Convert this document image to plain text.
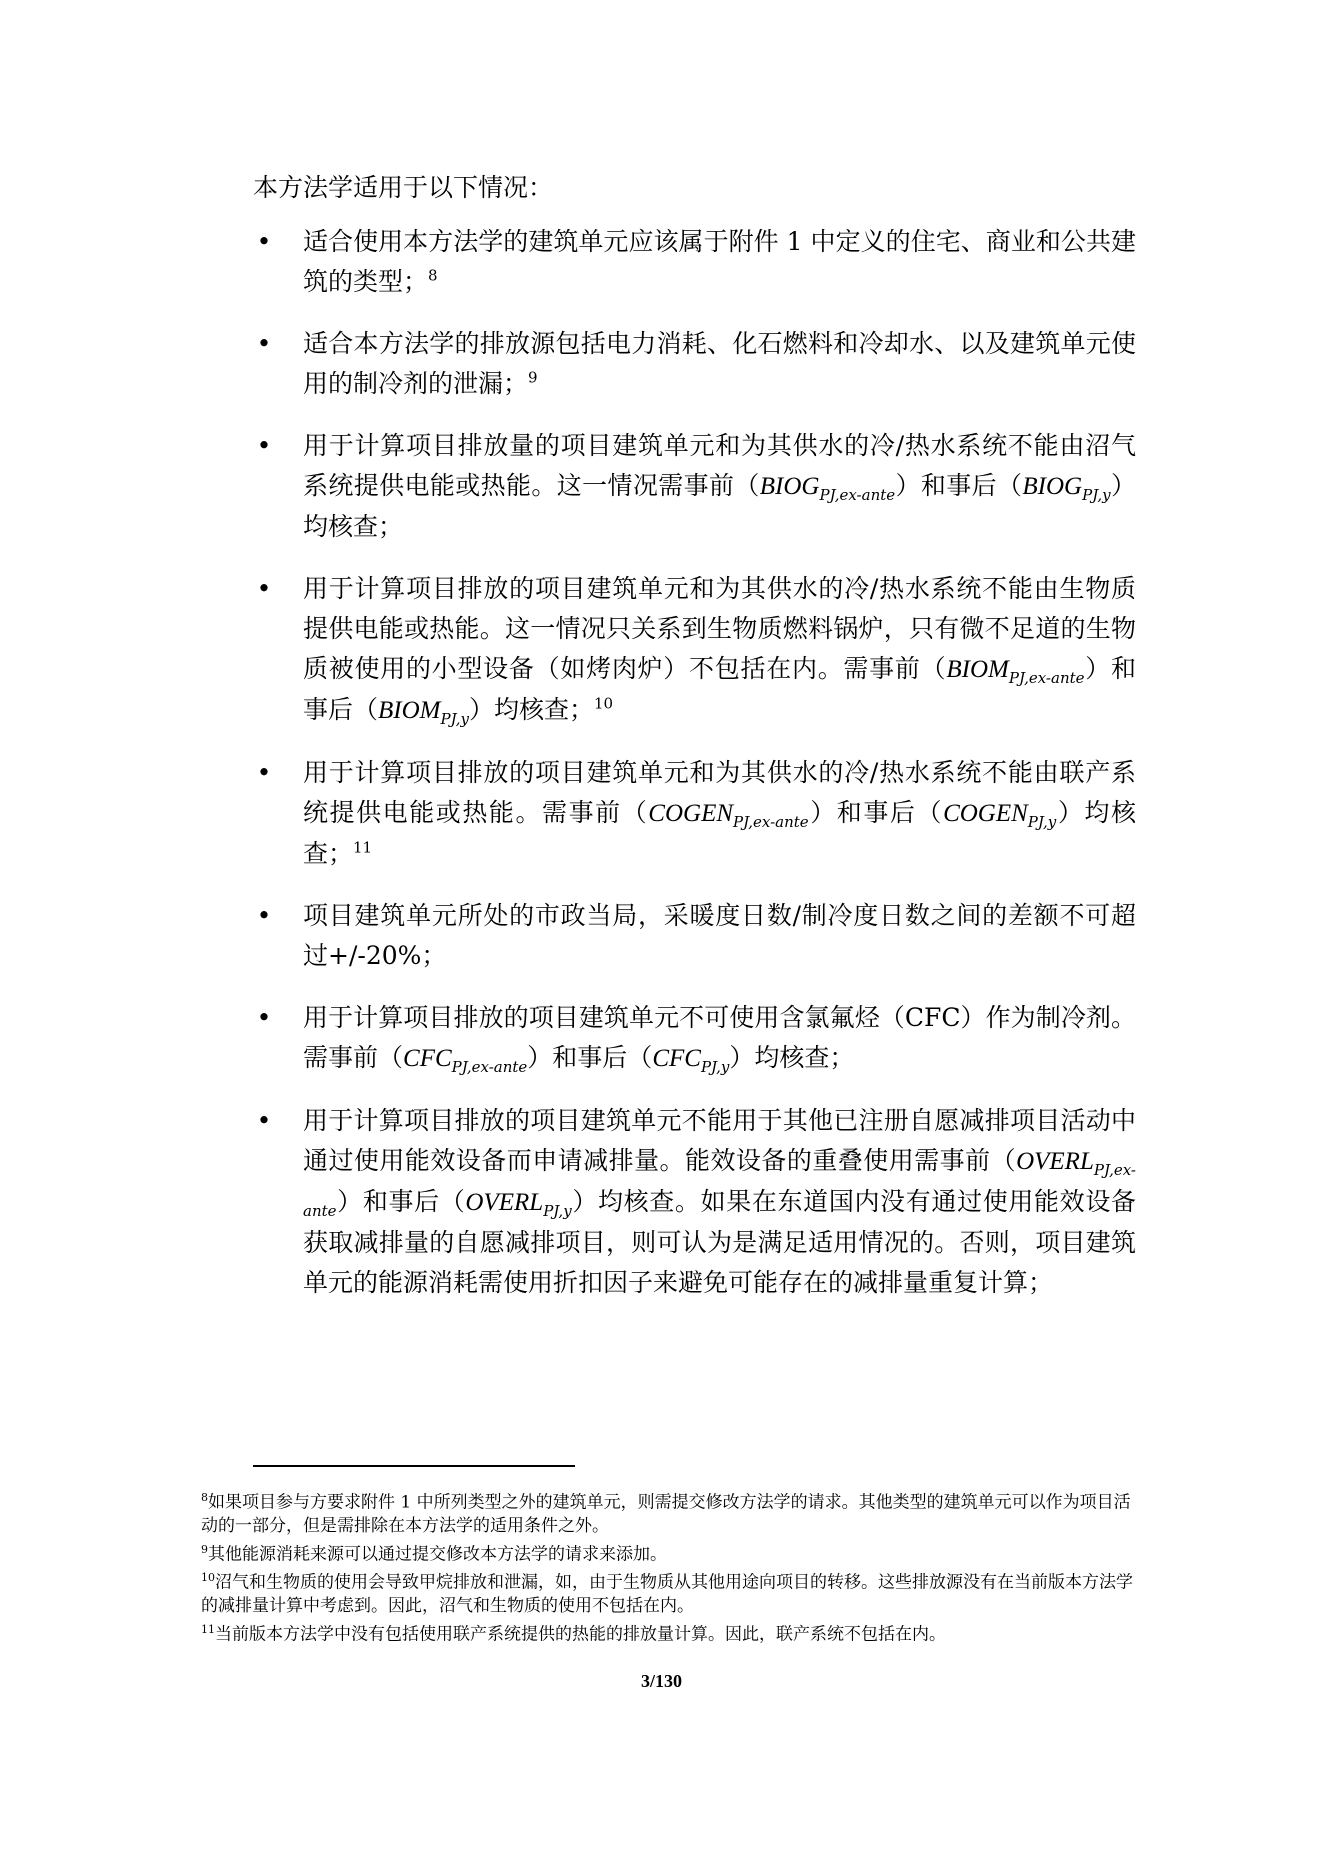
本方法学适用于以下情况：

• 适合使用本方法学的建筑单元应该属于附件 1 中定义的住宅、商业和公共建筑的类型；$^8$
• 适合本方法学的排放源包括电力消耗、化石燃料和冷却水、以及建筑单元使用的制冷剂的泄漏；$^9$
• 用于计算项目排放量的项目建筑单元和为其供水的冷/热水系统不能由沼气系统提供电能或热能。这一情况需事前$(BIOG_{PJ,ex-ante})$和事后$(BIOG_{PJ,y})$均核查；
• 用于计算项目排放的项目建筑单元和为其供水的冷/热水系统不能由生物质提供电能或热能。这一情况只关系到生物质燃料锅炉，只有微不足道的生物质被使用的小型设备（如烤肉炉）不包括在内。需事前$(BIOM_{PJ,ex-ante})$和事后$(BIOM_{PJ,y})$均核查；$^{10}$
• 用于计算项目排放的项目建筑单元和为其供水的冷/热水系统不能由联产系统提供电能或热能。需事前$(COGEN_{PJ,ex-ante})$和事后$(COGEN_{PJ,y})$均核查；$^{11}$
• 项目建筑单元所处的市政当局，采暖度日数/制冷度日数之间的差额不可超过+/-20%；
• 用于计算项目排放的项目建筑单元不可使用含氯氟烃（CFC）作为制冷剂。需事前$(CFC_{PJ,ex-ante})$和事后$(CFC_{PJ,y})$均核查；
• 用于计算项目排放的项目建筑单元不能用于其他已注册自愿减排项目活动中通过使用能效设备而申请减排量。能效设备的重叠使用需事前$(OVERL_{PJ,ex-ante})$和事后$(OVERL_{PJ,y})$均核查。如果在东道国内没有通过使用能效设备获取减排量的自愿减排项目，则可认为是满足适用情况的。否则，项目建筑单元的能源消耗需使用折扣因子来避免可能存在的减排量重复计算；
$^8$如果项目参与方要求附件 1 中所列类型之外的建筑单元，则需提交修改方法学的请求。其他类型的建筑单元可以作为项目活动的一部分，但是需排除在本方法学的适用条件之外。
$^9$其他能源消耗来源可以通过提交修改本方法学的请求来添加。
$^{10}$沼气和生物质的使用会导致甲烷排放和泄漏，如，由于生物质从其他用途向项目的转移。这些排放源没有在当前版本方法学的减排量计算中考虑到。因此，沼气和生物质的使用不包括在内。
$^{11}$当前版本方法学中没有包括使用联产系统提供的热能的排放量计算。因此，联产系统不包括在内。
3/130
